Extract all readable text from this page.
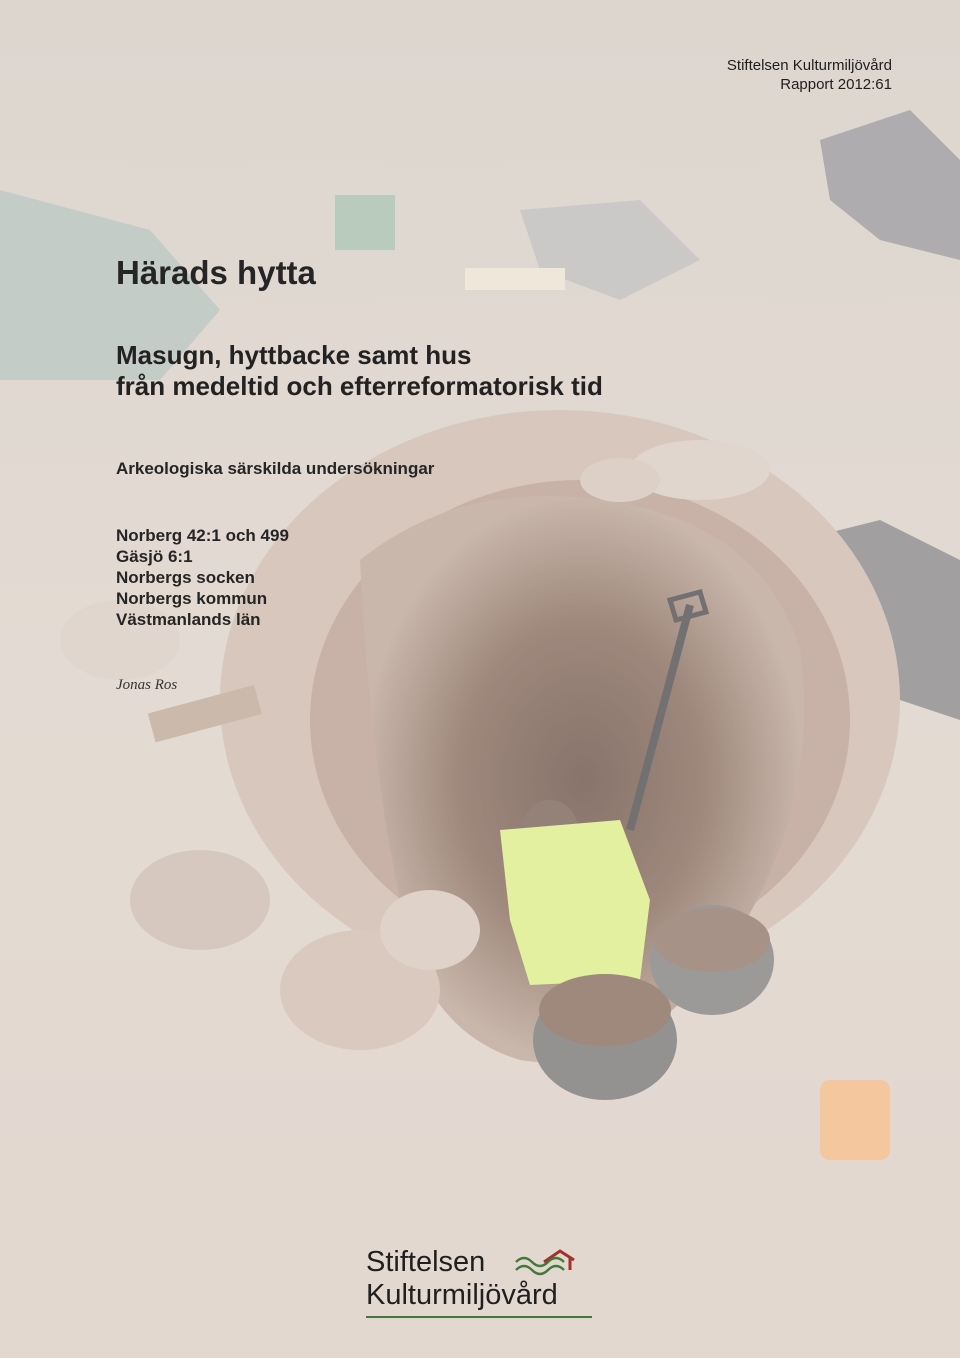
Stiftelsen Kulturmiljövård
Rapport 2012:61
Härads hytta
Masugn, hyttbacke samt hus
från medeltid och efterreformatorisk tid
Arkeologiska särskilda undersökningar
Norberg 42:1 och 499
Gäsjö 6:1
Norbergs socken
Norbergs kommun
Västmanlands län
Jonas Ros
Stiftelsen
Kulturmiljövård
